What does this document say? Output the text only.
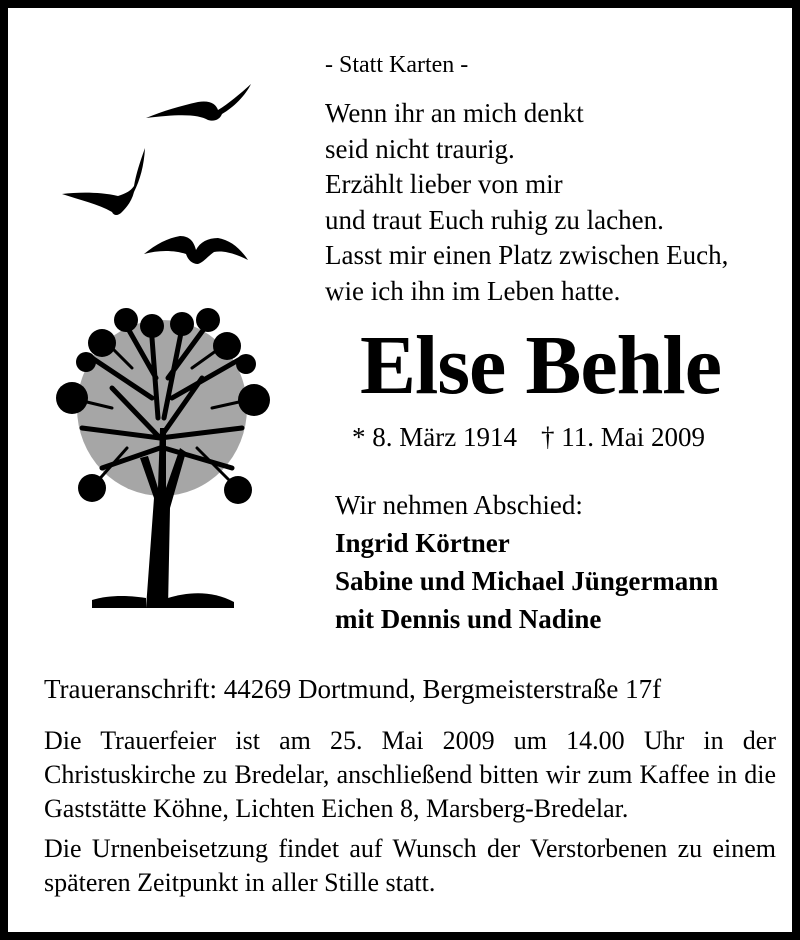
- Statt Karten -
Wenn ihr an mich denkt
seid nicht traurig.
Erzählt lieber von mir
und traut Euch ruhig zu lachen.
Lasst mir einen Platz zwischen Euch,
wie ich ihn im Leben hatte.
Else Behle
* 8. März 1914 † 11. Mai 2009
Wir nehmen Abschied:
Ingrid Körtner
Sabine und Michael Jüngermann
mit Dennis und Nadine
Traueranschrift: 44269 Dortmund, Bergmeisterstraße 17f
Die Trauerfeier ist am 25. Mai 2009 um 14.00 Uhr in der Christuskirche zu Bredelar, anschließend bitten wir zum Kaffee in die Gaststätte Köhne, Lichten Eichen 8, Marsberg-Bredelar.
Die Urnenbeisetzung findet auf Wunsch der Verstorbenen zu einem späteren Zeitpunkt in aller Stille statt.
